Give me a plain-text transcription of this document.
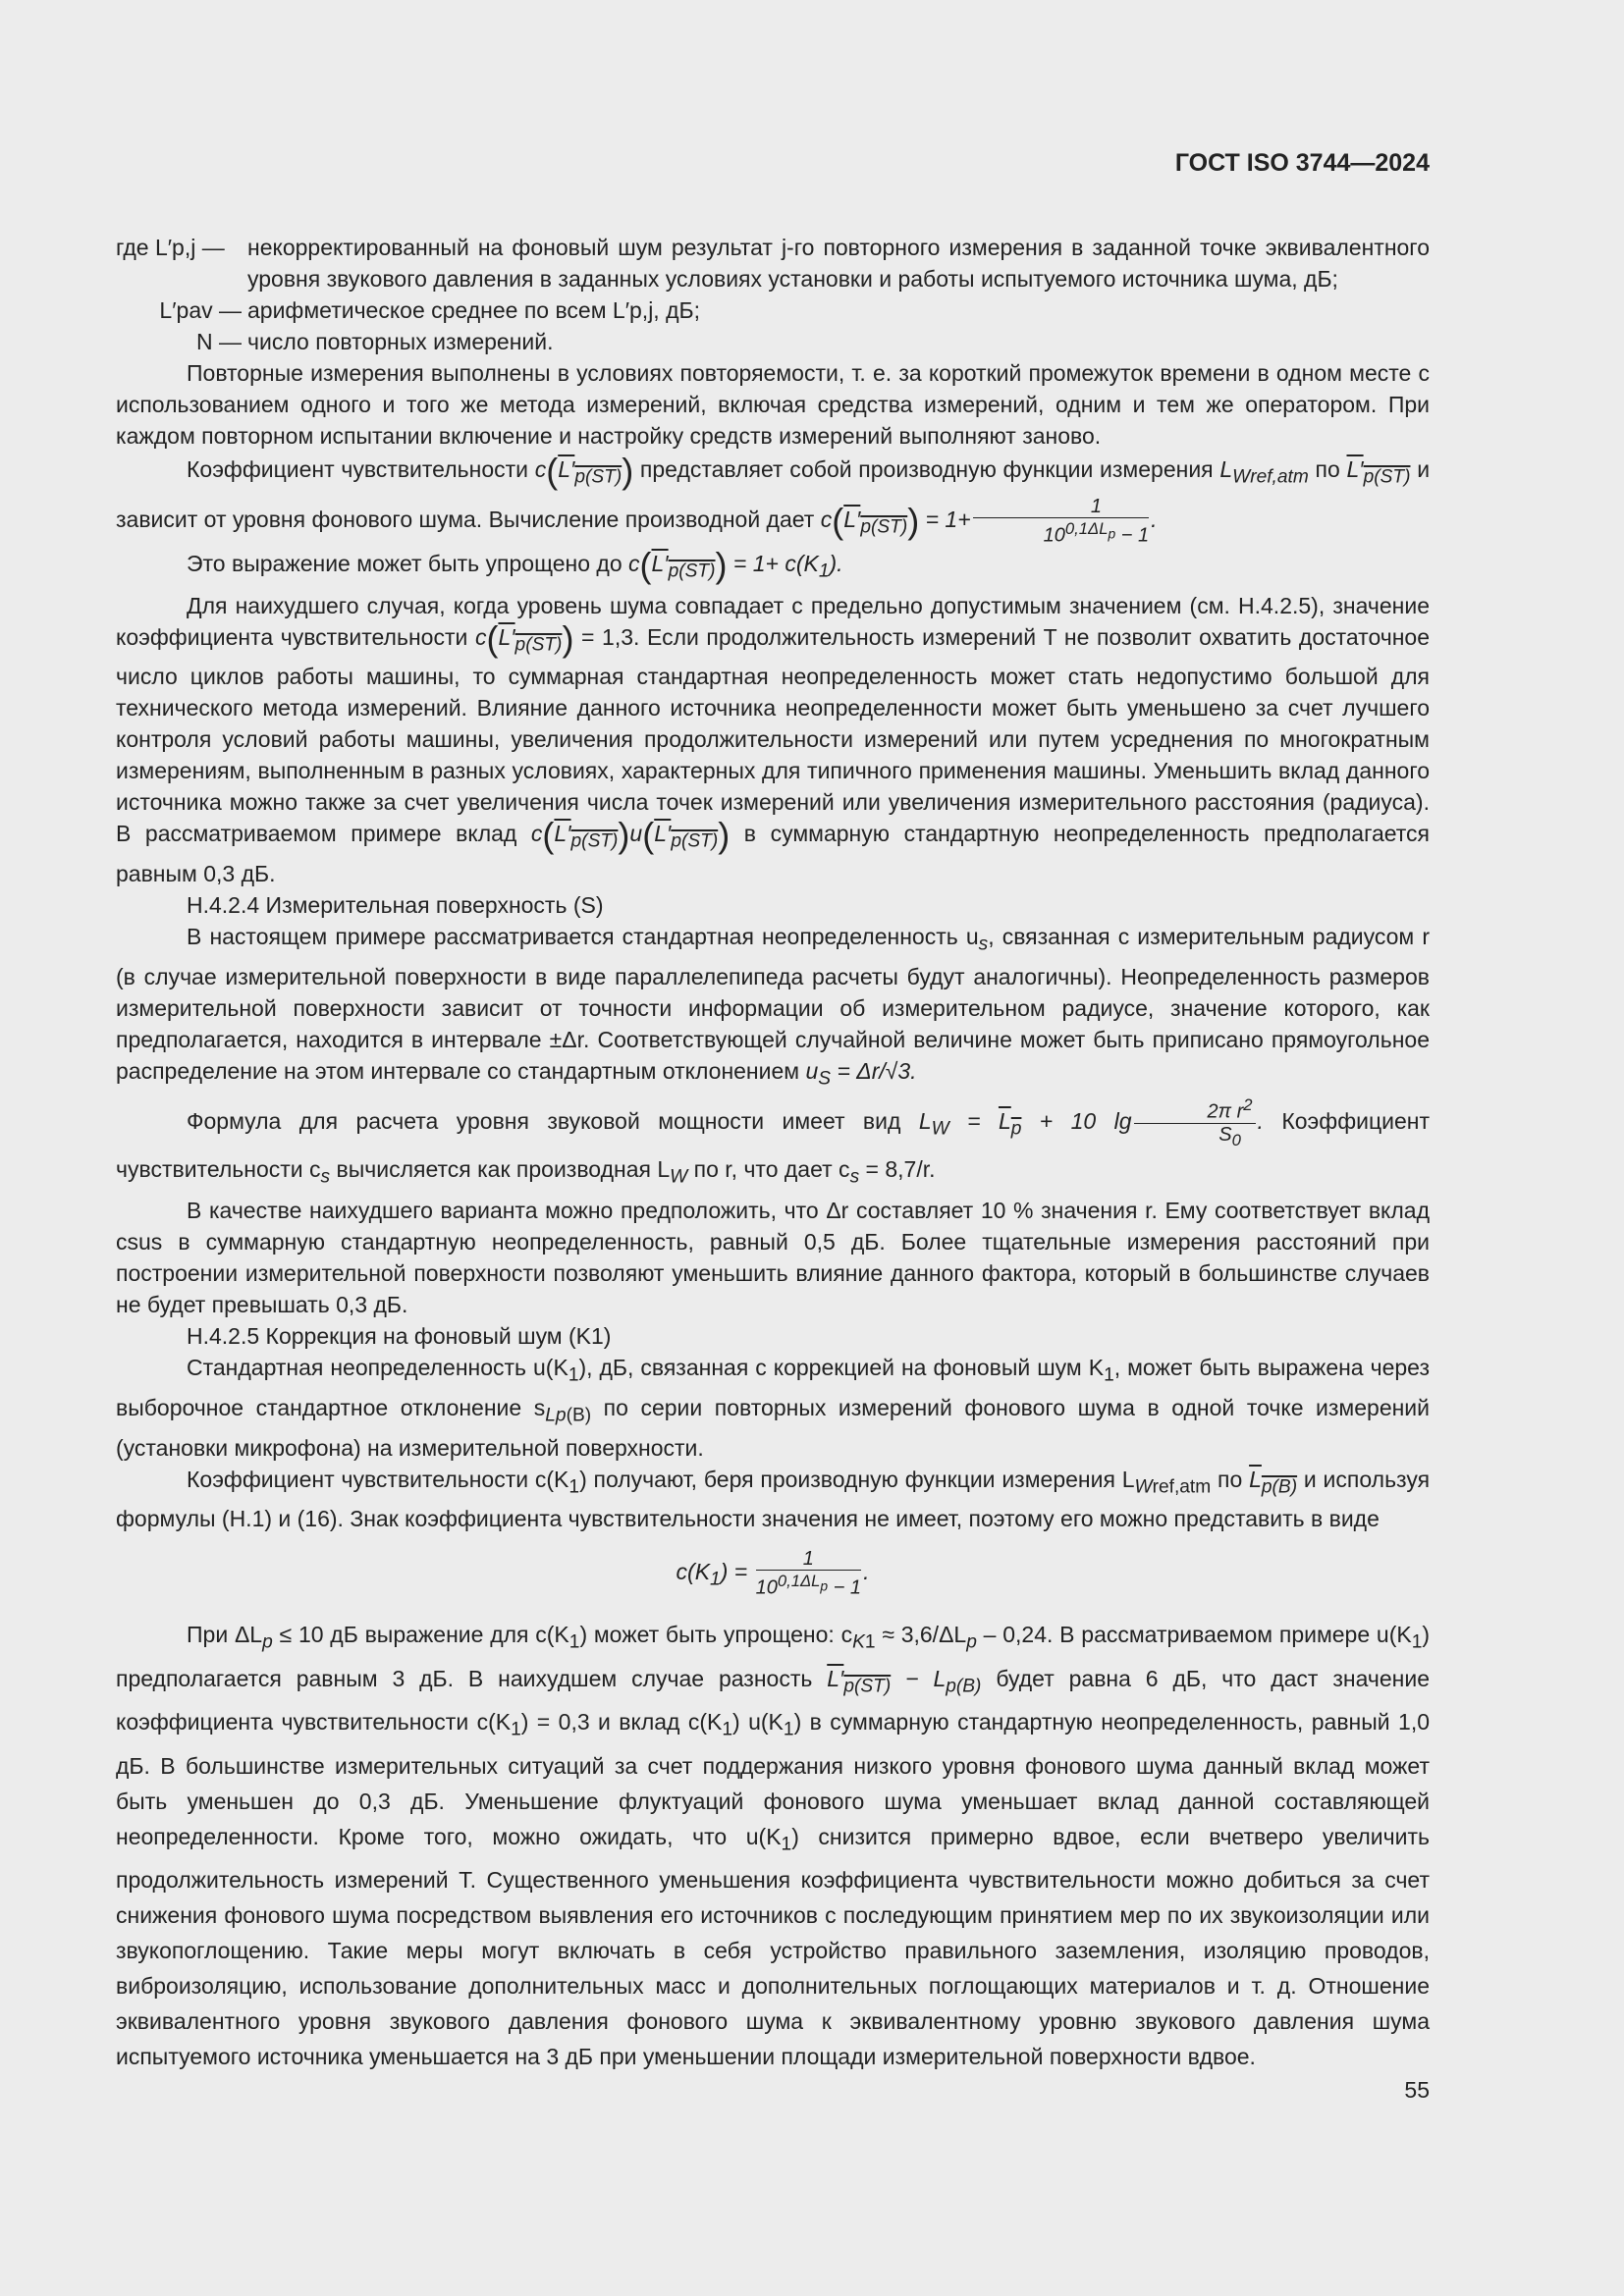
ГОСТ ISO 3744—2024
где L′p,j —	некорректированный на фоновый шум результат j-го повторного измерения в заданной точке эквивалентного уровня звукового давления в заданных условиях установки и работы испытуемого источника шума, дБ;
L′pav — арифметическое среднее по всем L′p,j, дБ;
N — число повторных измерений.

Повторные измерения выполнены в условиях повторяемости, т. е. за короткий промежуток времени в одном месте с использованием одного и того же метода измерений, включая средства измерений, одним и тем же оператором. При каждом повторном испытании включение и настройку средств измерений выполняют заново.

Коэффициент чувствительности $c(L'_{p(ST)})$ представляет собой производную функции измерения $L_{Wref,atm}$ по $L'_{p(ST)}$ и зависит от уровня фонового шума. Вычисление производной дает $c(L'_{p(ST)}) = 1+ \frac{1}{10^{0,1\Delta L_p} - 1}$ .

Это выражение может быть упрощено до $c(L'_{p(ST)}) = 1+ c(K_1)$.

Для наихудшего случая, когда уровень шума совпадает с предельно допустимым значением (см. Н.4.2.5), значение коэффициента чувствительности $c(L'_{p(ST)}) = 1,3$. Если продолжительность измерений T не позволит охватить достаточное число циклов работы машины, то суммарная стандартная неопределенность может стать недопустимо большой для технического метода измерений. Влияние данного источника неопределенности может быть уменьшено за счет лучшего контроля условий работы машины, увеличения продолжительности измерений или путем усреднения по многократным измерениям, выполненным в разных условиях, характерных для типичного применения машины. Уменьшить вклад данного источника можно также за счет увеличения числа точек измерений или увеличения измерительного расстояния (радиуса). В рассматриваемом примере вклад $c(L'_{p(ST)})u(L'_{p(ST)})$ в суммарную стандартную неопределенность предполагается равным 0,3 дБ.

Н.4.2.4 Измерительная поверхность (S)

В настоящем примере рассматривается стандартная неопределенность $u_s$, связанная с измерительным радиусом r (в случае измерительной поверхности в виде параллелепипеда расчеты будут аналогичны). Неопределенность размеров измерительной поверхности зависит от точности информации об измерительном радиусе, значение которого, как предполагается, находится в интервале ±Δr. Соответствующей случайной величине может быть приписано прямоугольное распределение на этом интервале со стандартным отклонением $u_S = \Delta r/√3$.

Формула для расчета уровня звуковой мощности имеет вид $L_W = L_p + 10$ $\lg \frac{2\pi r^2}{S_0}$ . Коэффициент чувствительности $c_s$ вычисляется как производная $L_W$ по r, что дает $c_s = 8,7/r$.

В качестве наихудшего варианта можно предположить, что Δr составляет 10 % значения r. Ему соответствует вклад csus в суммарную стандартную неопределенность, равный 0,5 дБ. Более тщательные измерения расстояний при построении измерительной поверхности позволяют уменьшить влияние данного фактора, который в большинстве случаев не будет превышать 0,3 дБ.

Н.4.2.5 Коррекция на фоновый шум (K1)

Стандартная неопределенность $u(K_1)$, дБ, связанная с коррекцией на фоновый шум $K_1$, может быть выражена через выборочное стандартное отклонение $s_{Lp(B)}$ по серии повторных измерений фонового шума в одной точке измерений (установки микрофона) на измерительной поверхности.

Коэффициент чувствительности $c(K_1)$ получают, беря производную функции измерения $L_{Wref,atm}$ по $L_{p(B)}$ и используя формулы (Н.1) и (16). Знак коэффициента чувствительности значения не имеет, поэтому его можно представить в виде

$c(K_1) = \frac{1}{10^{0,1\Delta L_p} - 1}$ .

При $\Delta L_p \le 10$ дБ выражение для $c(K_1)$ может быть упрощено: $c_{K1} \approx 3,6/\Delta L_p - 0,24$. В рассматриваемом примере $u(K_1)$ предполагается равным 3 дБ. В наихудшем случае разность $L'_{p(ST)} - L_{p(B)}$ будет равна 6 дБ, что даст значение коэффициента чувствительности $c(K_1) = 0,3$ и вклад $c(K_1)$ $u(K_1)$ в суммарную стандартную неопределенность, равный 1,0 дБ. В большинстве измерительных ситуаций за счет поддержания низкого уровня фонового шума данный вклад может быть уменьшен до 0,3 дБ. Уменьшение флуктуаций фонового шума уменьшает вклад данной составляющей неопределенности. Кроме того, можно ожидать, что $u(K_1)$ снизится примерно вдвое, если вчетверо увеличить продолжительность измерений T. Существенного уменьшения коэффициента чувствительности можно добиться за счет снижения фонового шума посредством выявления его источников с последующим принятием мер по их звукоизоляции или звукопоглощению. Такие меры могут включать в себя устройство правильного заземления, изоляцию проводов, виброизоляцию, использование дополнительных масс и дополнительных поглощающих материалов и т. д. Отношение эквивалентного уровня звукового давления фонового шума к эквивалентному уровню звукового давления шума испытуемого источника уменьшается на 3 дБ при уменьшении площади измерительной поверхности вдвое.

55
